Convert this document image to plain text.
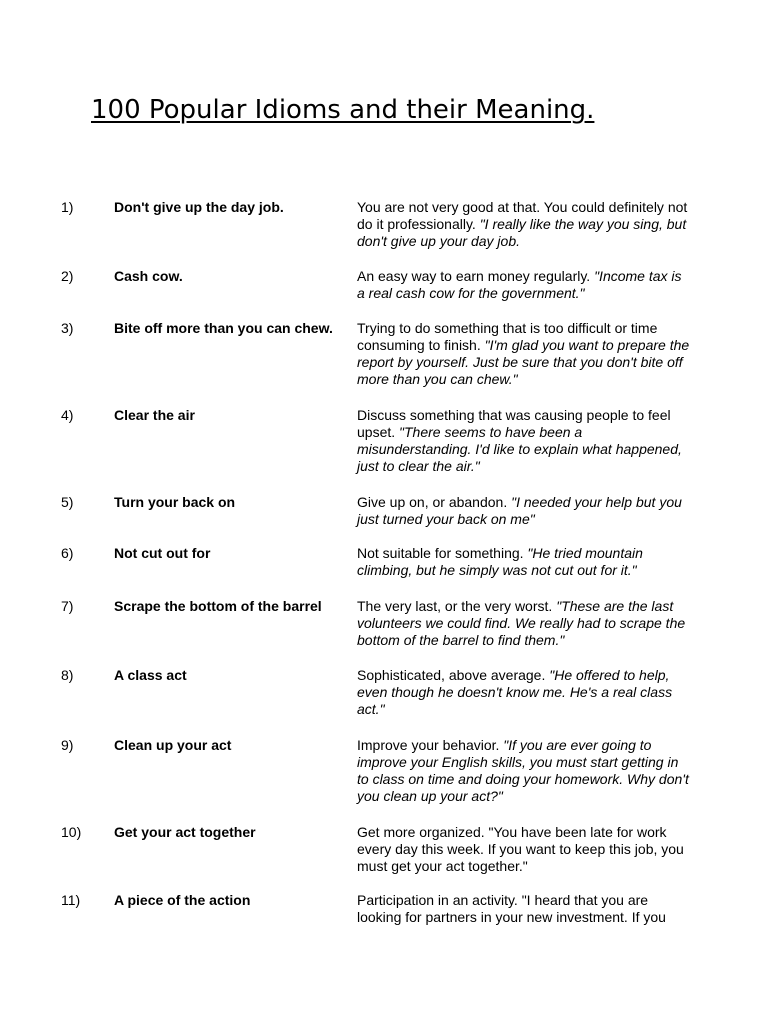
100 Popular Idioms and their Meaning.
1)	Don't give up the day job.	You are not very good at that. You could definitely not do it professionally. "I really like the way you sing, but don't give up your day job.
2)	Cash cow.	An easy way to earn money regularly. "Income tax is a real cash cow for the government."
3)	Bite off more than you can chew.	Trying to do something that is too difficult or time consuming to finish. "I'm glad you want to prepare the report by yourself. Just be sure that you don't bite off more than you can chew."
4)	Clear the air	Discuss something that was causing people to feel upset. "There seems to have been a misunderstanding. I'd like to explain what happened, just to clear the air."
5)	Turn your back on	Give up on, or abandon. "I needed your help but you just turned your back on me"
6)	Not cut out for	Not suitable for something. "He tried mountain climbing, but he simply was not cut out for it."
7)	Scrape the bottom of the barrel	The very last, or the very worst. "These are the last volunteers we could find. We really had to scrape the bottom of the barrel to find them."
8)	A class act	Sophisticated, above average. "He offered to help, even though he doesn't know me. He's a real class act."
9)	Clean up your act	Improve your behavior. "If you are ever going to improve your English skills, you must start getting in to class on time and doing your homework. Why don't you clean up your act?"
10)	Get your act together	Get more organized. "You have been late for work every day this week. If you want to keep this job, you must get your act together."
11)	A piece of the action	Participation in an activity. "I heard that you are looking for partners in your new investment. If you
